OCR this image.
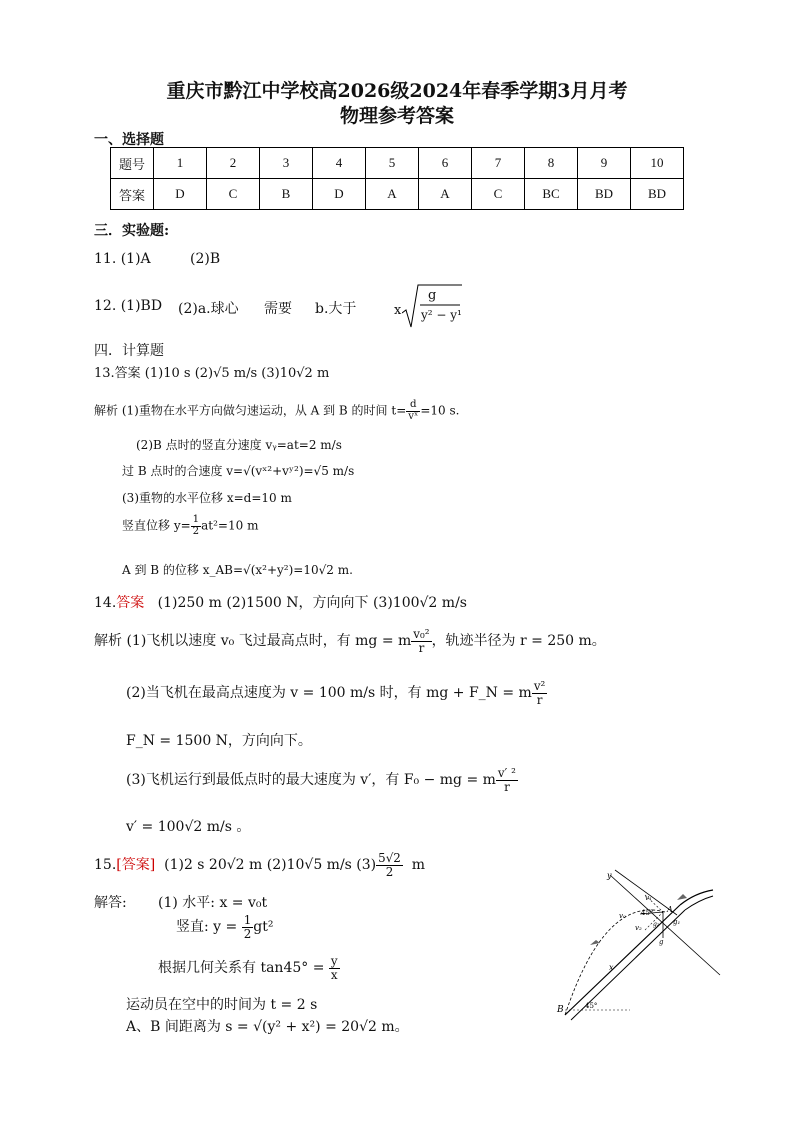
重庆市黔江中学校高2026级2024年春季学期3月月考
物理参考答案
一、选择题
题号	1	2	3	4	5	6	7	8	9	10
答案	D	C	B	D	A	A	C	BC	BD	BD
三．实验题:
11. (1)A	(2)B
12. (1)BD (2)a.球心 需要 b.大于	x
g
y² − y¹
四．计算题
13.答案 (1)10 s (2)√5 m/s (3)10√2 m
解析 (1)重物在水平方向做匀速运动，从 A 到 B 的时间 $t= \frac{d}{\text{vˣ}} =10$ s.
(2)B 点时的竖直分速度 vᵧ=at=2 m/s
过 B 点时的合速度 v=√(vˣ²+vʸ²)=√5 m/s
(3)重物的水平位移 x=d=10 m
竖直位移 $y= \frac{1}{2} at^2=10$ m
A 到 B 的位移 x_AB=√(x²+y²)=10√2 m.
14.答案 (1)250 m (2)1500 N，方向向下 (3)100√2 m/s
解析 (1)飞机以速度 v₀ 飞过最高点时，有 mg = m $\frac{\text{v₀²}}{r}$ ，轨迹半径为 r = 250 m。
(2)当飞机在最高点速度为 v = 100 m/s 时，有 mg + F_N = m $\frac{\text{v²}}{r}$
F_N = 1500 N，方向向下。
(3)飞机运行到最低点时的最大速度为 v′，有 F₀ − mg = m $\frac{\text{v′ ²}}{r}$
v′ = 100√2 m/s 。
15.[答案] (1)2 s 20√2 m (2)10√5 m/s $(3) \frac{5√2}{2}$ m
解答: (1) 水平: x = v₀t
竖直: $y = \frac{1}{2} gt^2$
根据几何关系有 $\tan 45^\circ = \frac{y}{x}$
运动员在空中的时间为 t = 2 s
A、B 间距离为 s = √(y² + x²) = 20√2 m。
y
v₁
v₀ 45° A
v₂
g₁
g
g₂
x
B	45°
